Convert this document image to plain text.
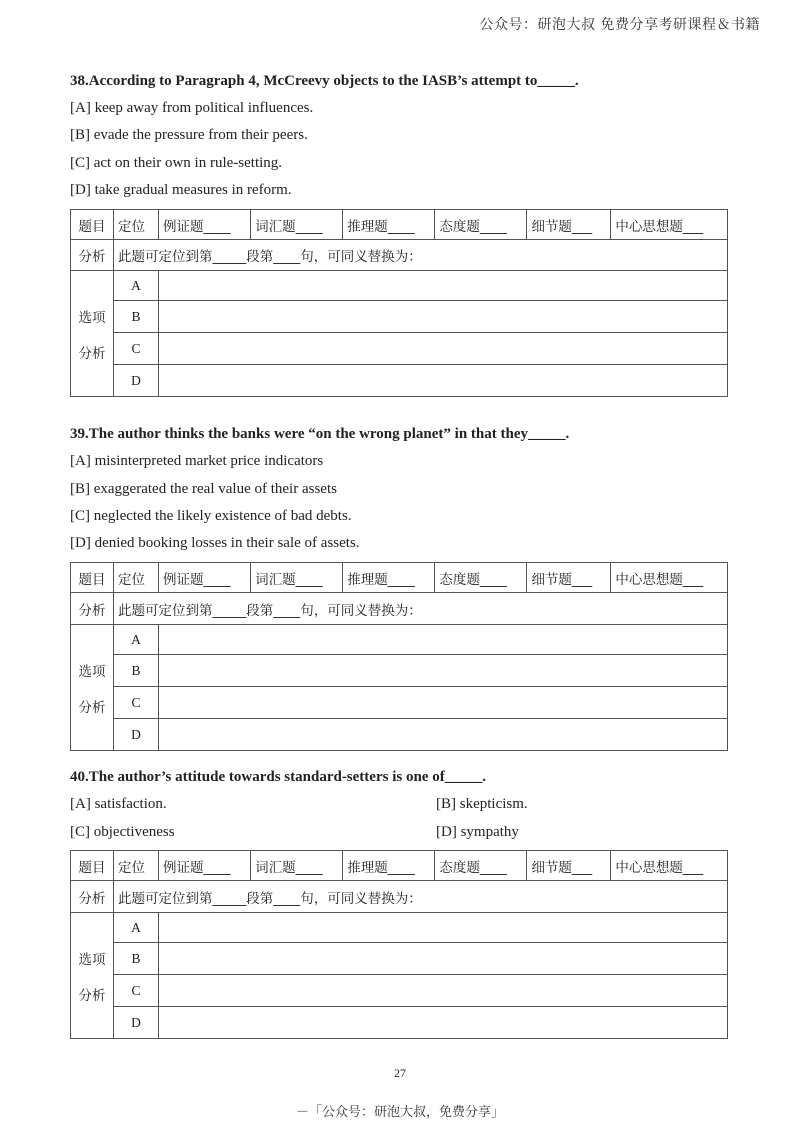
公众号：研泡大叔 免费分享考研课程＆书籍
38.According to Paragraph 4, McCreevy objects to the IASB’s attempt to_____.
[A] keep away from political influences.
[B] evade the pressure from their peers.
[C] act on their own in rule-setting.
[D] take gradual measures in reform.
题目	定位	例证题____	词汇题____	推理题____	态度题____	细节题___	中心思想题___
分析	此题可定位到第_____段第____句，可同义替换为：						
选项

分析	A						
	B						
	C						
	D						
39.The author thinks the banks were “on the wrong planet” in that they_____.
[A] misinterpreted market price indicators
[B] exaggerated the real value of their assets
[C] neglected the likely existence of bad debts.
[D] denied booking losses in their sale of assets.
题目	定位	例证题____	词汇题____	推理题____	态度题____	细节题___	中心思想题___
分析	此题可定位到第_____段第____句，可同义替换为：						
选项

分析	A						
	B						
	C						
	D						
40.The author’s attitude towards standard-setters is one of_____.
[A] satisfaction.	[B] skepticism.
[C] objectiveness	[D] sympathy
题目	定位	例证题____	词汇题____	推理题____	态度题____	细节题___	中心思想题___
分析	此题可定位到第_____段第____句，可同义替换为：						
选项

分析	A						
	B						
	C						
	D						
27
－「公众号：研泡大叔，免费分享」
